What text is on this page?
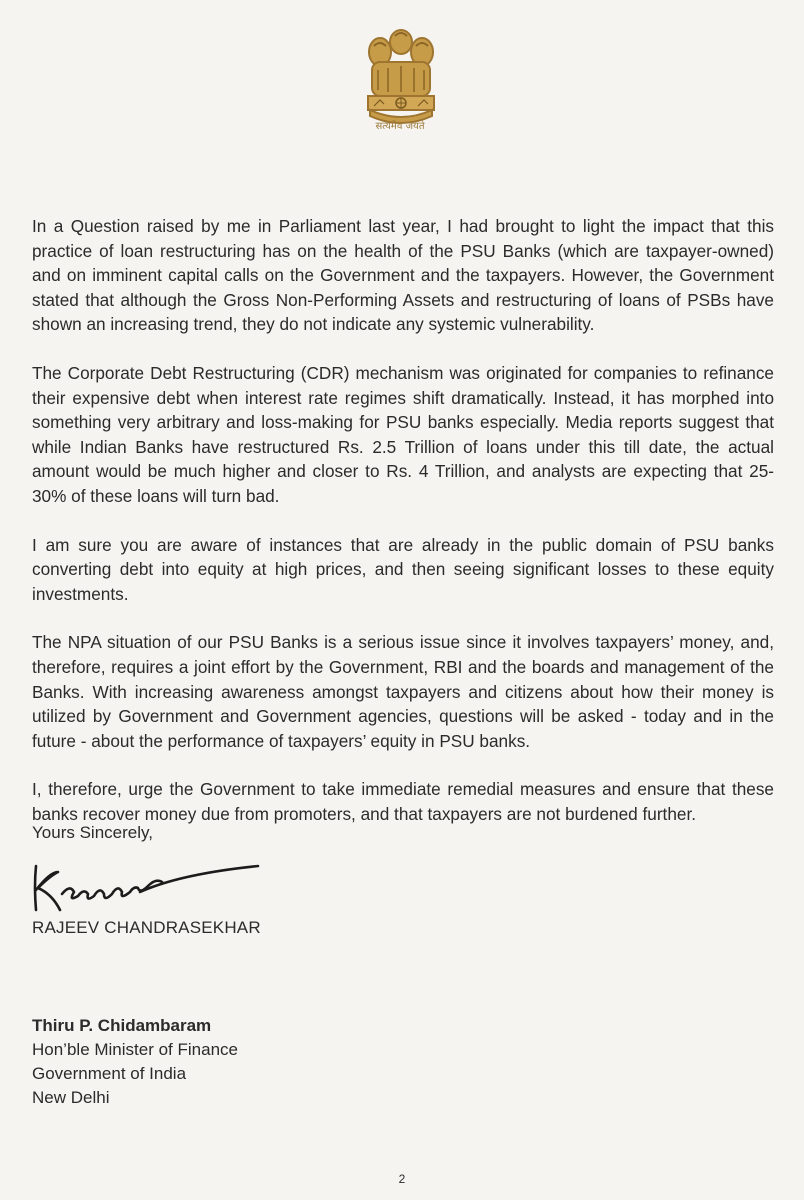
सत्यमेव जयते

In a Question raised by me in Parliament last year, I had brought to light the impact that this practice of loan restructuring has on the health of the PSU Banks (which are taxpayer-owned) and on imminent capital calls on the Government and the taxpayers. However, the Government stated that although the Gross Non-Performing Assets and restructuring of loans of PSBs have shown an increasing trend, they do not indicate any systemic vulnerability.

The Corporate Debt Restructuring (CDR) mechanism was originated for companies to refinance their expensive debt when interest rate regimes shift dramatically. Instead, it has morphed into something very arbitrary and loss-making for PSU banks especially. Media reports suggest that while Indian Banks have restructured Rs. 2.5 Trillion of loans under this till date, the actual amount would be much higher and closer to Rs. 4 Trillion, and analysts are expecting that 25-30% of these loans will turn bad.

I am sure you are aware of instances that are already in the public domain of PSU banks converting debt into equity at high prices, and then seeing significant losses to these equity investments.

The NPA situation of our PSU Banks is a serious issue since it involves taxpayers’ money, and, therefore, requires a joint effort by the Government, RBI and the boards and management of the Banks. With increasing awareness amongst taxpayers and citizens about how their money is utilized by Government and Government agencies, questions will be asked - today and in the future - about the performance of taxpayers’ equity in PSU banks.

I, therefore, urge the Government to take immediate remedial measures and ensure that these banks recover money due from promoters, and that taxpayers are not burdened further.

Yours Sincerely,
RAJEEV CHANDRASEKHAR
Thiru P. Chidambaram
Hon’ble Minister of Finance
Government of India
New Delhi
2
